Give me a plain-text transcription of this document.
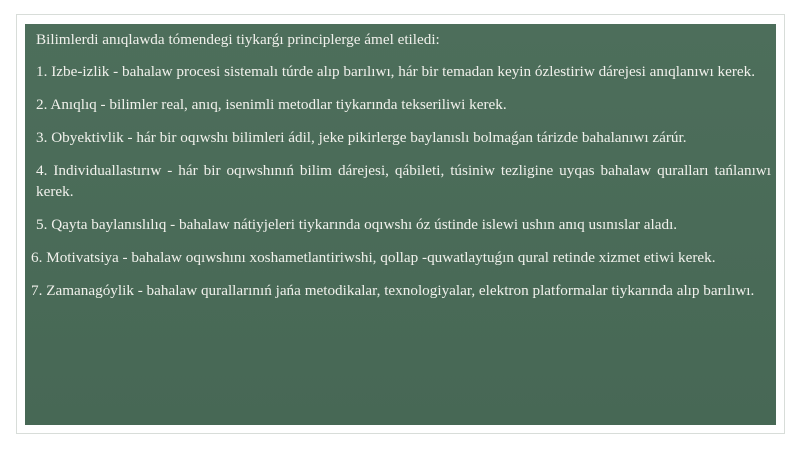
Bilimlerdi anıqlawda tómendegi tiykarǵı principlerge ámel etiledi:

1. Izbe-izlik - bahalaw procesi sistemalı túrde alıp barılıwı, hár bir temadan keyin ózlestiriw dárejesi anıqlanıwı kerek.

2. Anıqlıq - bilimler real, anıq, isenimli metodlar tiykarında tekseriliwi kerek.

3. Obyektivlik - hár bir oqıwshı bilimleri ádil, jeke pikirlerge baylanıslı bolmaǵan tárizde bahalanıwı zárúr.

4. Individuallastırıw - hár bir oqıwshınıń bilim dárejesi, qábileti, túsiniw tezligine uyqas bahalaw quralları tańlanıwı kerek.

5. Qayta baylanıslılıq - bahalaw nátiyjeleri tiykarında oqıwshı óz ústinde islewi ushın anıq usınıslar aladı.

6. Motivatsiya - bahalaw oqıwshını xoshametlantiriwshi, qollap -quwatlaytuǵın qural retinde xizmet etiwi kerek.

7. Zamanagóylik - bahalaw qurallarınıń jańa metodikalar, texnologiyalar, elektron platformalar tiykarında alıp barılıwı.
